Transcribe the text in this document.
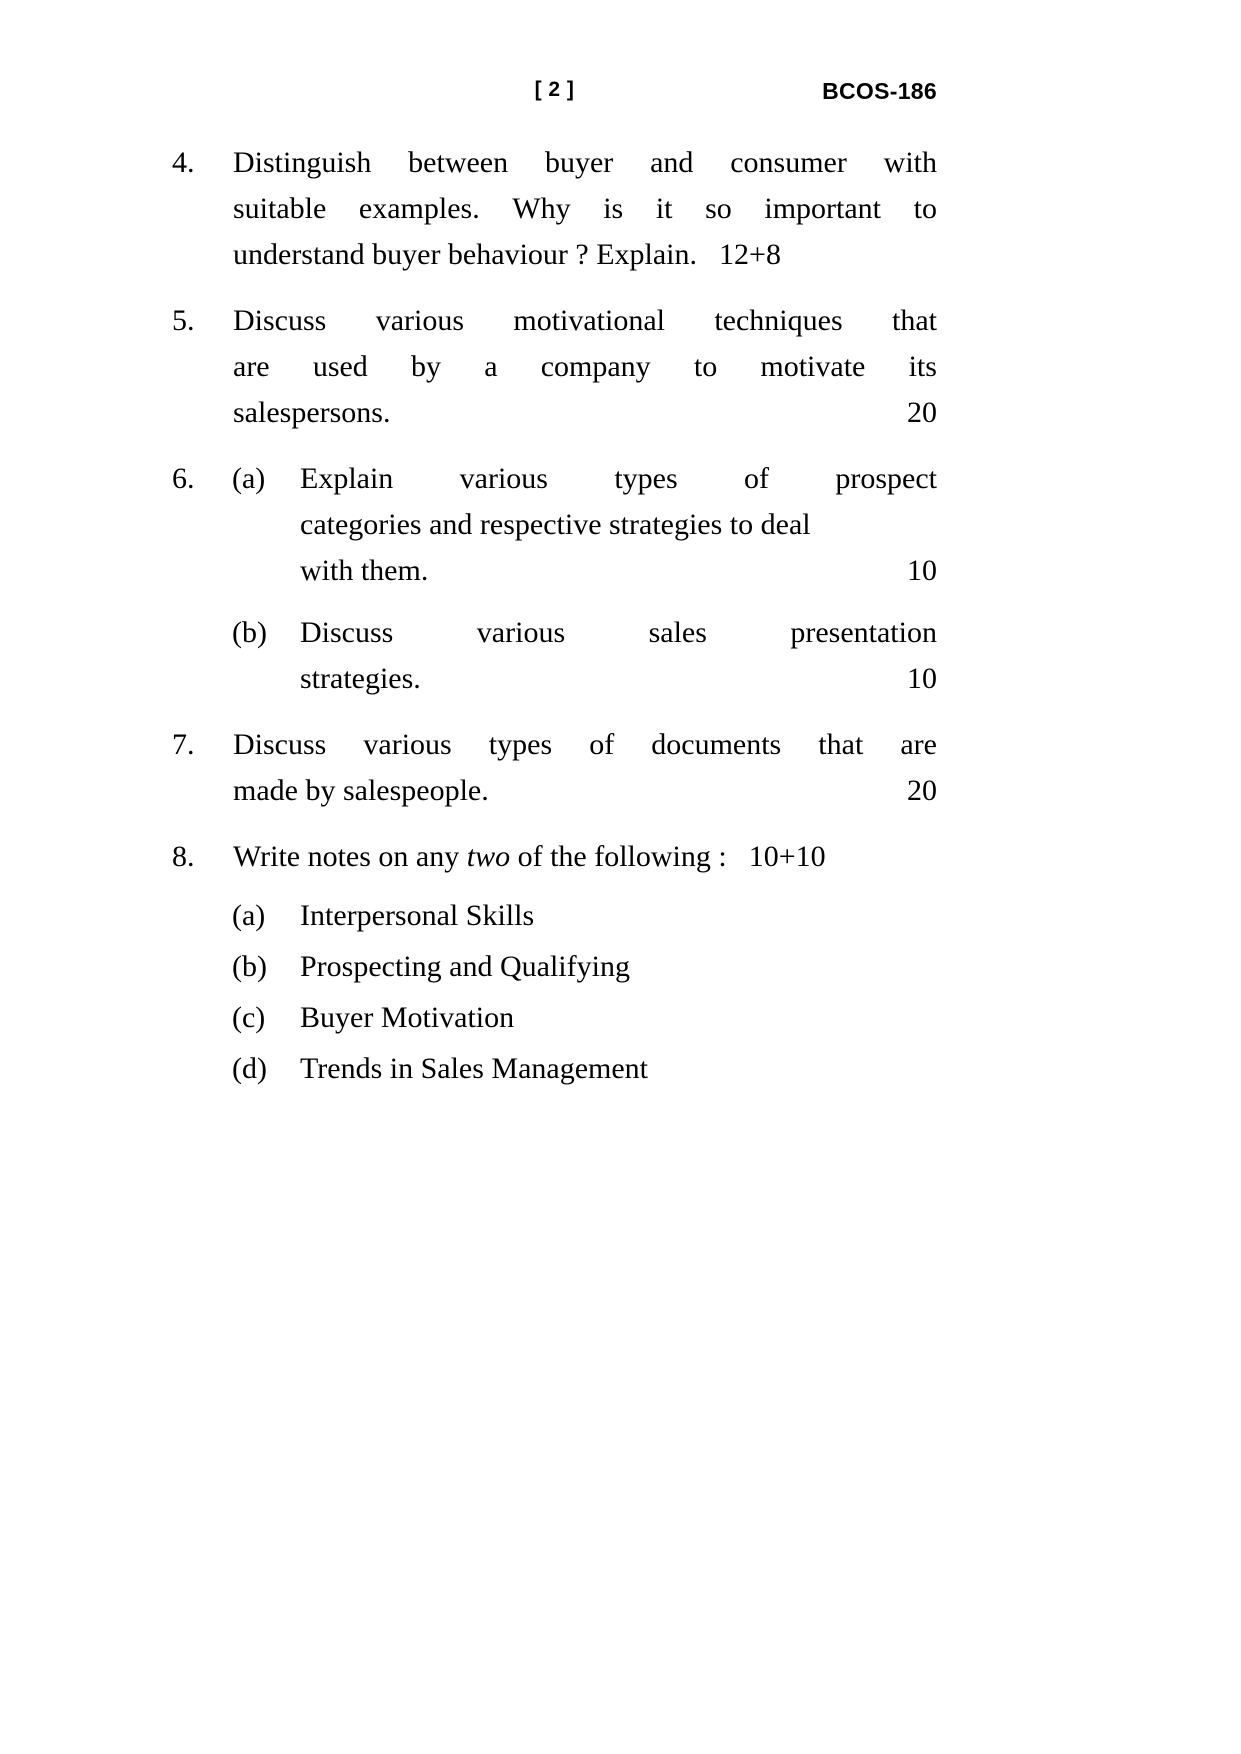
[ 2 ]	BCOS-186
4.	Distinguish between buyer and consumer with
suitable examples. Why is it so important to
understand buyer behaviour ? Explain. 12+8
5.	Discuss various motivational techniques that
are used by a company to motivate its
salespersons.	20
6.	(a)	Explain various types of prospect
categories and respective strategies to deal
with them.	10
(b)	Discuss	various	sales	presentation
strategies.	10
7.	Discuss various types of documents that are
made by salespeople.	20
8.	Write notes on any two of the following : 10+10
(a)	Interpersonal Skills
(b)	Prospecting and Qualifying
(c)	Buyer Motivation
(d)	Trends in Sales Management
